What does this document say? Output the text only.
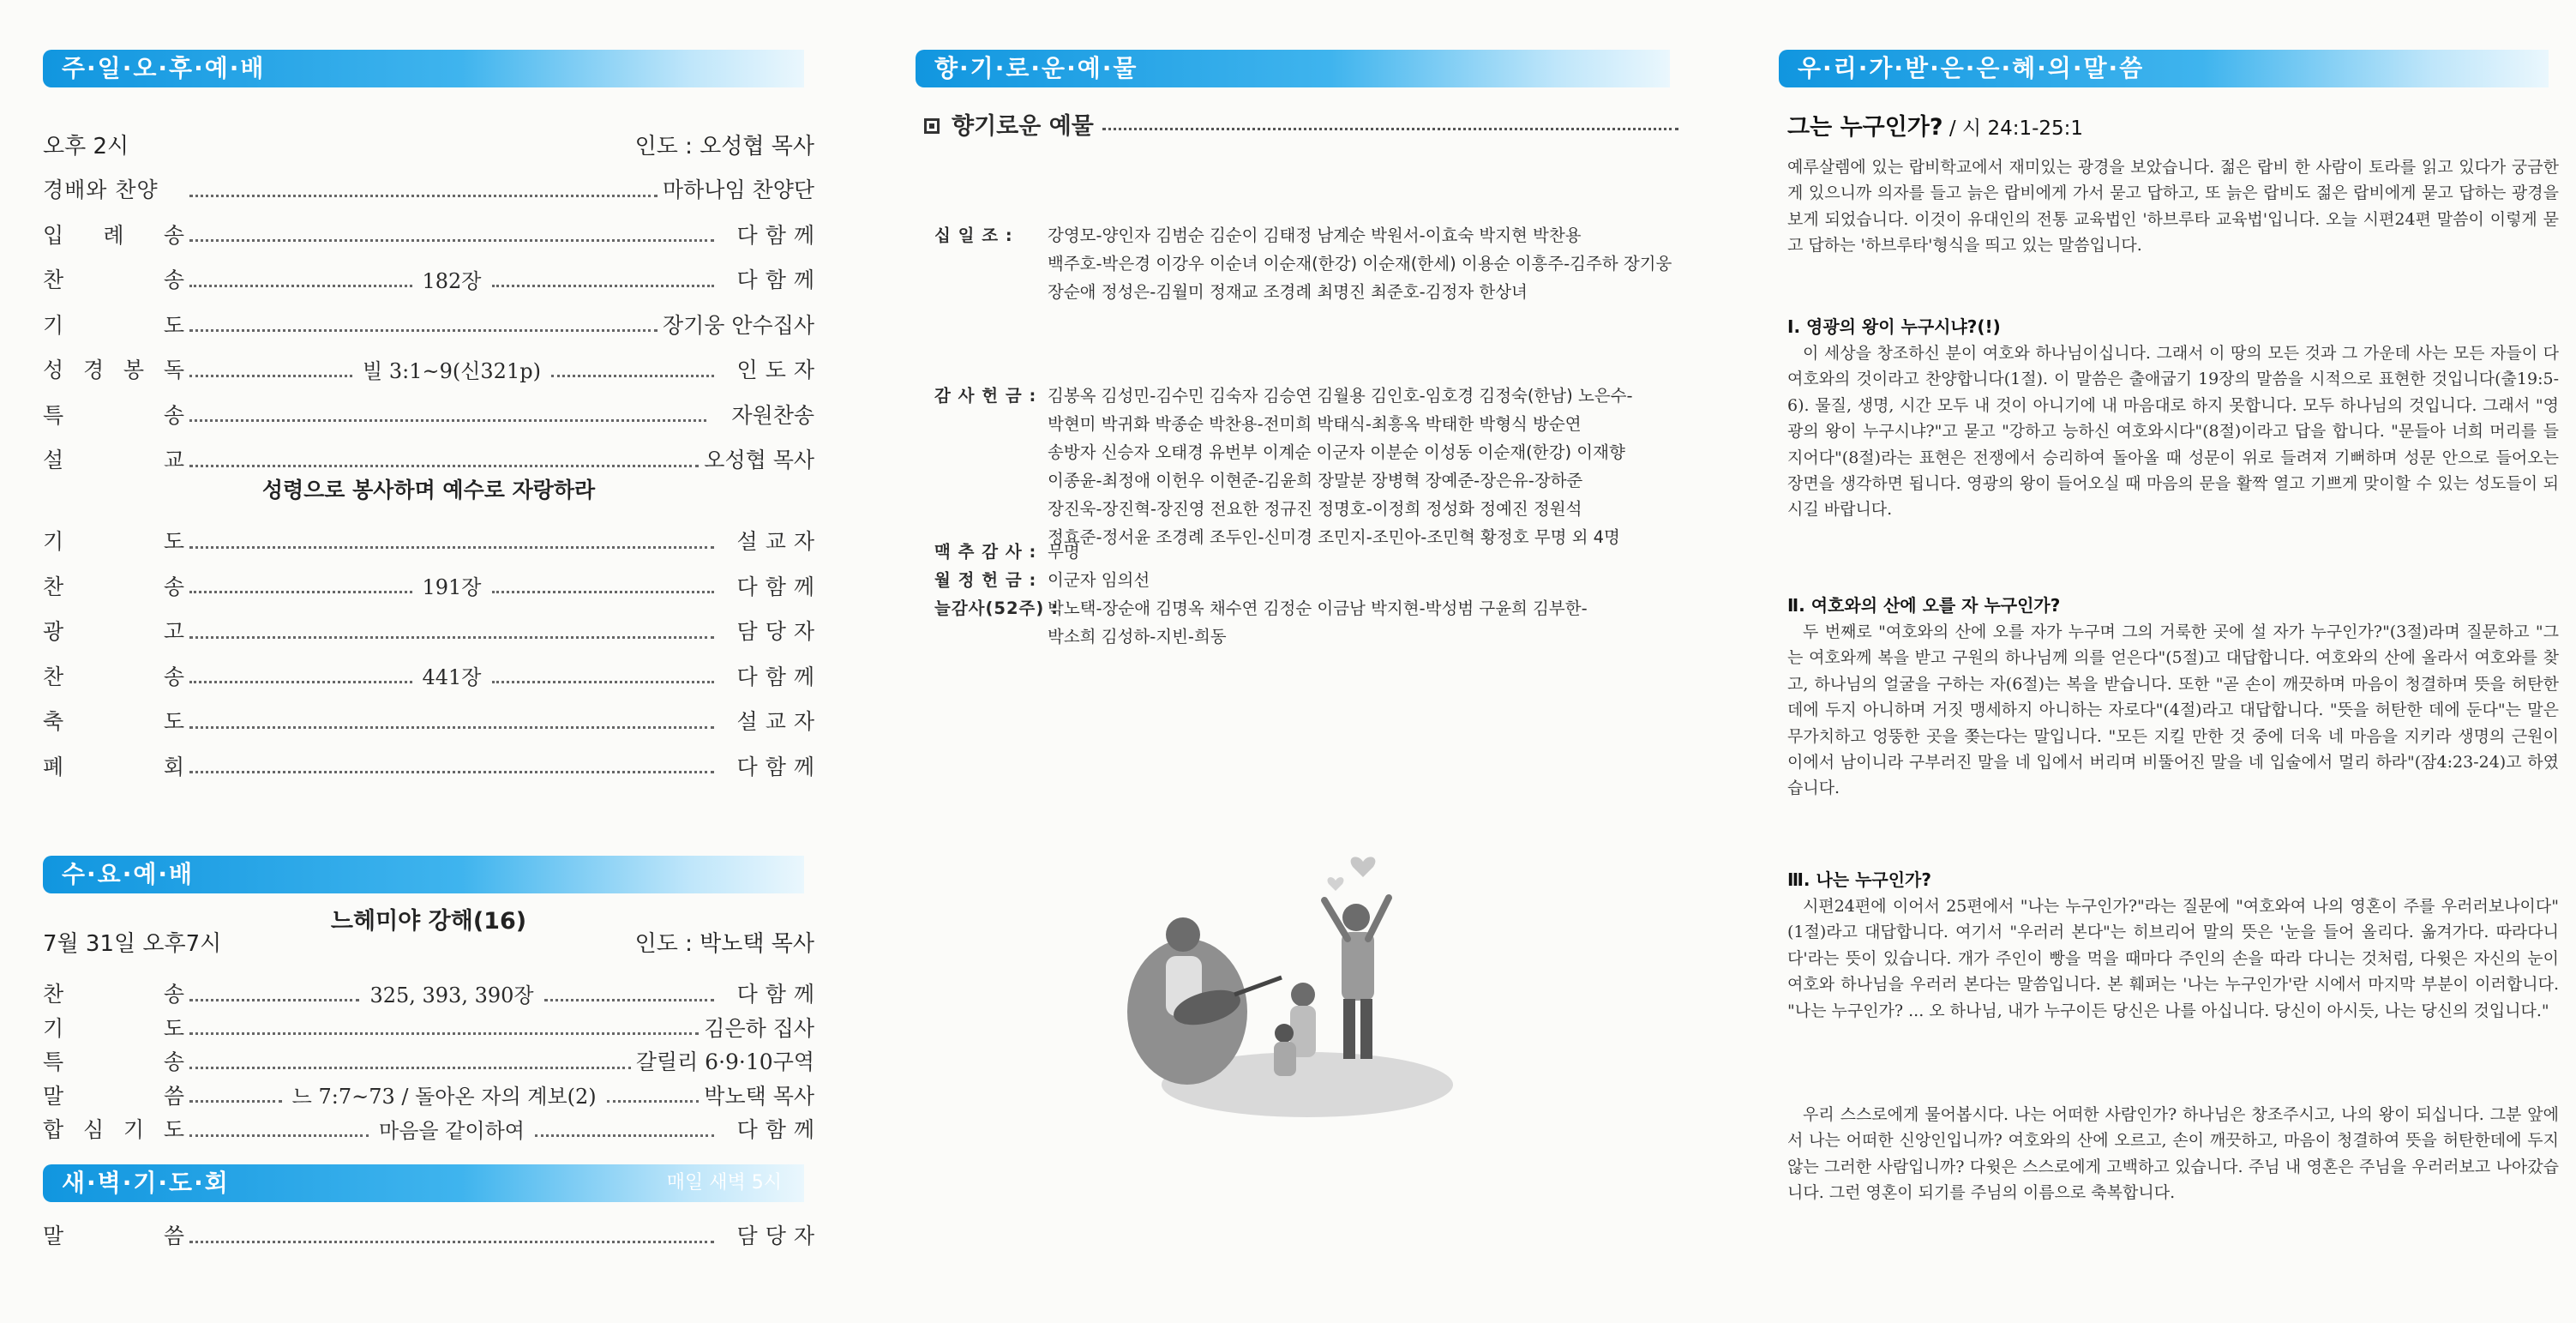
주·일·오·후·예·배
오후 2시	인도 : 오성협 목사
경배와 찬양	마하나임 찬양단
입 례 송	다함께
찬	송	182장	다함께
기	도	장기웅 안수집사
성 경 봉 독	빌 3:1~9(신321p)	인도자
특	송	자원찬송
설	교	오성협 목사
성령으로 봉사하며 예수로 자랑하라
기	도	설교자
찬	송	191장	다함께
광	고	담당자
찬	송	441장	다함께
축	도	설교자
폐	회	다함께
수·요·예·배
느헤미야 강해(16)
7월 31일 오후7시	인도 : 박노택 목사
찬	송	325, 393, 390장	다함께
기	도	김은하 집사
특	송	갈릴리 6·9·10구역
말	씀	느 7:7~73 / 돌아온 자의 계보(2)	박노택 목사
합 심 기 도	마음을 같이하여	다함께
새·벽·기·도·회	매일 새벽 5시
말	씀	담당자
향·기·로·운·예·물
향기로운 예물
십 일 조 :	강영모-양인자 김범순 김순이 김태정 남계순 박원서-이효숙 박지현 박찬용
백주호-박은경 이강우 이순녀 이순재(한강) 이순재(한세) 이용순 이흥주-김주하 장기웅
장순애 정성은-김월미 정재교 조경례 최명진 최준호-김정자 한상녀
감 사 헌 금 : 김봉옥 김성민-김수민 김숙자 김승연 김월용 김인호-임호경 김정숙(한남) 노은수-
박현미 박귀화 박종순 박찬용-전미희 박태식-최흥옥 박태한 박형식 방순연
송방자 신승자 오태경 유번부 이계순 이군자 이분순 이성동 이순재(한강) 이재향
이종윤-최정애 이헌우 이현준-김윤희 장말분 장병혁 장예준-장은유-장하준
장진욱-장진혁-장진영 전요한 정규진 정명호-이정희 정성화 정예진 정원석
정효준-정서윤 조경례 조두인-신미경 조민지-조민아-조민혁 황정호 무명 외 4명
맥 추 감 사 : 무명
월 정 헌 금 : 이군자 임의선
늘감사(52주) :
박노택-장순애 김명옥 채수연 김정순 이금남 박지현-박성범 구윤희 김부한-
박소희 김성하-지빈-희동
우·리·가·받·은·은·혜·의·말·씀
그는 누구인가? / 시 24:1-25:1
예루살렘에 있는 랍비학교에서 재미있는 광경을 보았습니다. 젊은 랍비 한 사람이 토라를 읽고 있다가 궁금한게 있으니까 의자를 들고 늙은 랍비에게 가서 묻고 답하고, 또 늙은 랍비도 젊은 랍비에게 묻고 답하는 광경을 보게 되었습니다. 이것이 유대인의 전통 교육법인 '하브루타 교육법'입니다. 오늘 시편24편 말씀이 이렇게 묻고 답하는 '하브루타'형식을 띄고 있는 말씀입니다.
Ⅰ. 영광의 왕이 누구시냐?(!)
이 세상을 창조하신 분이 여호와 하나님이십니다. 그래서 이 땅의 모든 것과 그 가운데 사는 모든 자들이 다 여호와의 것이라고 찬양합니다(1절). 이 말씀은 출애굽기 19장의 말씀을 시적으로 표현한 것입니다(출19:5-6). 물질, 생명, 시간 모두 내 것이 아니기에 내 마음대로 하지 못합니다. 모두 하나님의 것입니다. 그래서 "영광의 왕이 누구시냐?"고 묻고 "강하고 능하신 여호와시다"(8절)이라고 답을 합니다. "문들아 너희 머리를 들지어다"(8절)라는 표현은 전쟁에서 승리하여 돌아올 때 성문이 위로 들려져 기뻐하며 성문 안으로 들어오는 장면을 생각하면 됩니다. 영광의 왕이 들어오실 때 마음의 문을 활짝 열고 기쁘게 맞이할 수 있는 성도들이 되시길 바랍니다.
Ⅱ. 여호와의 산에 오를 자 누구인가?
두 번째로 "여호와의 산에 오를 자가 누구며 그의 거룩한 곳에 설 자가 누구인가?"(3절)라며 질문하고 "그는 여호와께 복을 받고 구원의 하나님께 의를 얻은다"(5절)고 대답합니다. 여호와의 산에 올라서 여호와를 찾고, 하나님의 얼굴을 구하는 자(6절)는 복을 받습니다. 또한 "곧 손이 깨끗하며 마음이 청결하며 뜻을 허탄한 데에 두지 아니하며 거짓 맹세하지 아니하는 자로다"(4절)라고 대답합니다. "뜻을 허탄한 데에 둔다"는 말은 무가치하고 엉뚱한 곳을 쫒는다는 말입니다. "모든 지킬 만한 것 중에 더욱 네 마음을 지키라 생명의 근원이 이에서 남이니라 구부러진 말을 네 입에서 버리며 비뚤어진 말을 네 입술에서 멀리 하라"(잠4:23-24)고 하였습니다.
Ⅲ. 나는 누구인가?
시편24편에 이어서 25편에서 "나는 누구인가?"라는 질문에 "여호와여 나의 영혼이 주를 우러러보나이다"(1절)라고 대답합니다. 여기서 "우러러 본다"는 히브리어 말의 뜻은 '눈을 들어 올리다. 옮겨가다. 따라다니다'라는 뜻이 있습니다. 개가 주인이 빵을 먹을 때마다 주인의 손을 따라 다니는 것처럼, 다윗은 자신의 눈이 여호와 하나님을 우러러 본다는 말씀입니다. 본 훼퍼는 '나는 누구인가'란 시에서 마지막 부분이 이러합니다. "나는 누구인가? ... 오 하나님, 내가 누구이든 당신은 나를 아십니다. 당신이 아시듯, 나는 당신의 것입니다."
우리 스스로에게 물어봅시다. 나는 어떠한 사람인가? 하나님은 창조주시고, 나의 왕이 되십니다. 그분 앞에서 나는 어떠한 신앙인입니까? 여호와의 산에 오르고, 손이 깨끗하고, 마음이 청결하여 뜻을 허탄한데에 두지 않는 그러한 사람입니까? 다윗은 스스로에게 고백하고 있습니다. 주님 내 영혼은 주님을 우러러보고 나아갔습니다. 그런 영혼이 되기를 주님의 이름으로 축복합니다.
